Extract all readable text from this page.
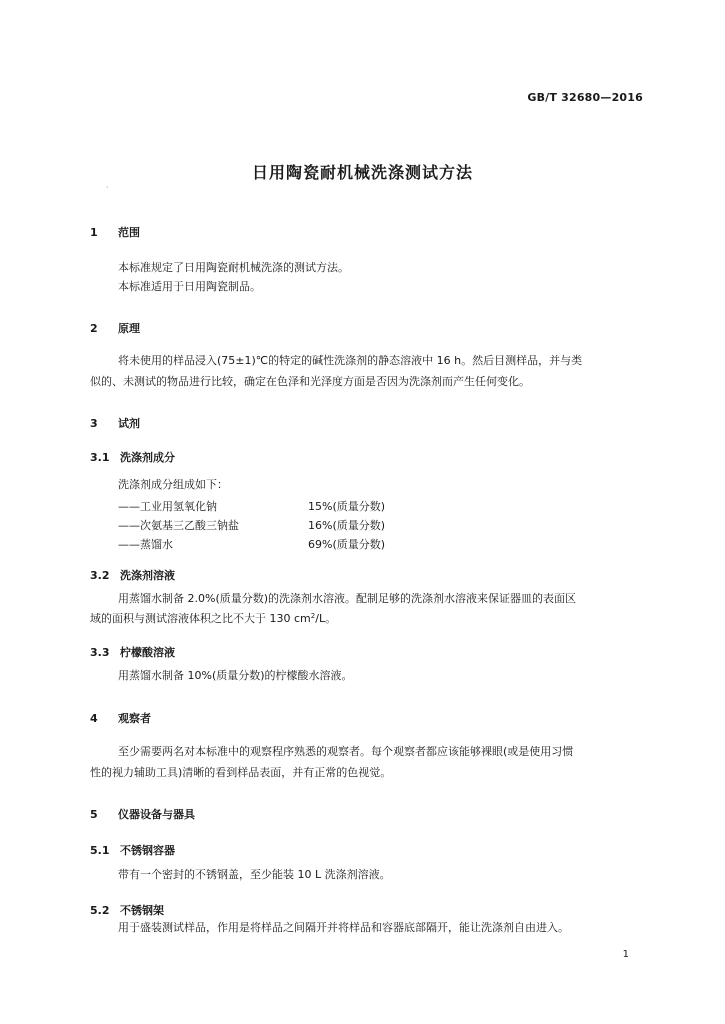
GB/T 32680—2016
日用陶瓷耐机械洗涤测试方法
·
1 范围
本标准规定了日用陶瓷耐机械洗涤的测试方法。
本标准适用于日用陶瓷制品。
2 原理
将未使用的样品浸入(75±1)℃的特定的碱性洗涤剂的静态溶液中 16 h。然后目测样品，并与类
似的、未测试的物品进行比较，确定在色泽和光泽度方面是否因为洗涤剂而产生任何变化。
3 试剂
3.1 洗涤剂成分
洗涤剂成分组成如下：
——工业用氢氧化钠	15%(质量分数)
——次氨基三乙酸三钠盐	16%(质量分数)
——蒸馏水	69%(质量分数)
3.2 洗涤剂溶液
用蒸馏水制备 2.0%(质量分数)的洗涤剂水溶液。配制足够的洗涤剂水溶液来保证器皿的表面区
域的面积与测试溶液体积之比不大于 130 $cm^2/L$。
3.3 柠檬酸溶液
用蒸馏水制备 10%(质量分数)的柠檬酸水溶液。
4 观察者
至少需要两名对本标准中的观察程序熟悉的观察者。每个观察者都应该能够裸眼(或是使用习惯
性的视力辅助工具)清晰的看到样品表面，并有正常的色视觉。
5 仪器设备与器具
5.1 不锈钢容器
带有一个密封的不锈钢盖，至少能装 10 L 洗涤剂溶液。
5.2 不锈钢架
用于盛装测试样品，作用是将样品之间隔开并将样品和容器底部隔开，能让洗涤剂自由进入。
1
